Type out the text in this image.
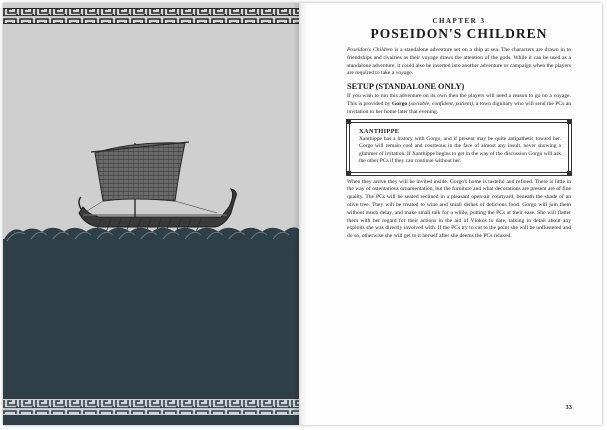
CHAPTER 3
POSEIDON'S CHILDREN

Poseidon's Children is a standalone adventure set on a ship at sea. The characters are drawn in to friendships and rivalries as their voyage draws the attention of the gods. While it can be used as a standalone adventure, it could also be inserted into another adventure or campaign when the players are required to take a voyage.

SETUP (STANDALONE ONLY)

If you wish to run this adventure on its own then the players will need a reason to go on a voyage. This is provided by Gorgo (sociable, confident, patient), a town dignitary who will send the PCs an invitation to her home later that evening.

XANTHIPPE

Xanthippe has a history with Gorgo, and if present may be quite antipathetic toward her. Gorgo will remain cool and courteous in the face of almost any insult, never showing a glimmer of irritation. If Xanthippe begins to get in the way of the discussion Gorgo will ask the other PCs if they can continue without her.

When they arrive they will be invited inside. Gorgo's home is tasteful and refined. There is little in the way of ostentatious ornamentation, but the furniture and what decorations are present are of fine quality. The PCs will be seated reclined in a pleasant open-air courtyard, beneath the shade of an olive tree. They will be treated to wine and small dishes of delicious food. Gorgo will join them without much delay, and make small talk for a while, putting the PCs at their ease. She will flatter them with her regard for their actions in the aid of Vlokos to date, talking in detail about any exploits she was directly involved with. If the PCs try to cut to the point she will be unflustered and do so, otherwise she will get to it herself after she deems the PCs relaxed.

33
